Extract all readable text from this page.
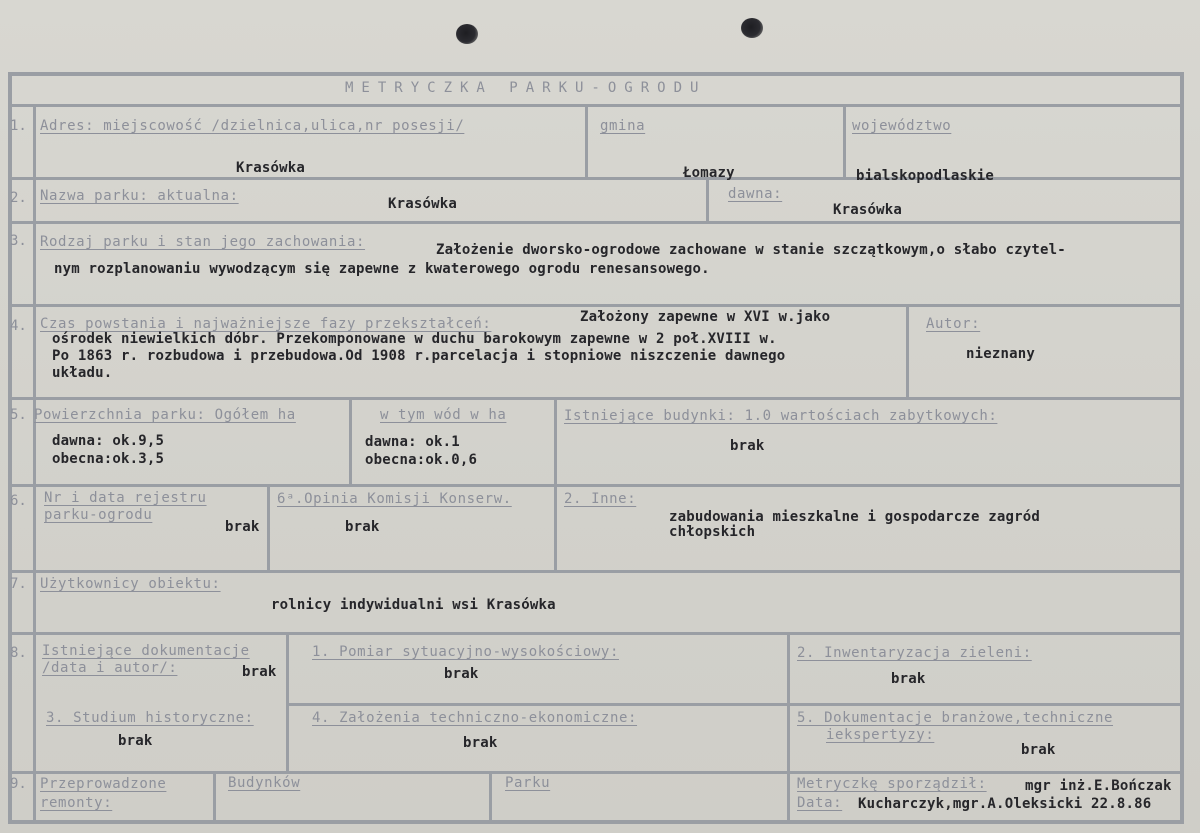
METRYCZKA PARKU-OGRODU
1. Adres: miejscowość /dzielnica,ulica,nr posesji/
Krasówka
gmina
Łomazy
województwo
bialskopodlaskie
2. Nazwa parku: aktualna:	Krasówka
dawna:
Krasówka
3. Rodzaj parku i stan jego zachowania:	Założenie dworsko-ogrodowe zachowane w stanie szczątkowym,o słabo czytel-
nym rozplanowaniu wywodzącym się zapewne z kwaterowego ogrodu renesansowego.
4. Czas powstania i najważniejsze fazy przekształceń:	Założony zapewne w XVI w.jako
ośrodek niewielkich dóbr. Przekomponowane w duchu barokowym zapewne w 2 poł.XVIII w.
Po 1863 r. rozbudowa i przebudowa.Od 1908 r.parcelacja i stopniowe niszczenie dawnego
układu.
Autor:
nieznany
5. Powierzchnia parku: Ogółem ha
dawna: ok.9,5
obecna:ok.3,5
w tym wód w ha
dawna: ok.1
obecna:ok.0,6
Istniejące budynki: 1.0 wartościach zabytkowych:
brak
6. Nr i data rejestru
parku-ogrodu
brak
6ᵃ.Opinia Komisji Konserw.
brak
2. Inne:
zabudowania mieszkalne i gospodarcze zagród
chłopskich
7. Użytkownicy obiektu:
rolnicy indywidualni wsi Krasówka
8. Istniejące dokumentacje
/data i autor/:	brak
1. Pomiar sytuacyjno-wysokościowy:
brak
2. Inwentaryzacja zieleni:
brak
3. Studium historyczne:
brak
4. Założenia techniczno-ekonomiczne:
brak
5. Dokumentacje branżowe,techniczne
iekspertyzy:
brak
9. Przeprowadzone
remonty:
Budynków	Parku	Metryczkę sporządził:	mgr inż.E.Bończak
Data: Kucharczyk,mgr.A.Oleksicki 22.8.86
